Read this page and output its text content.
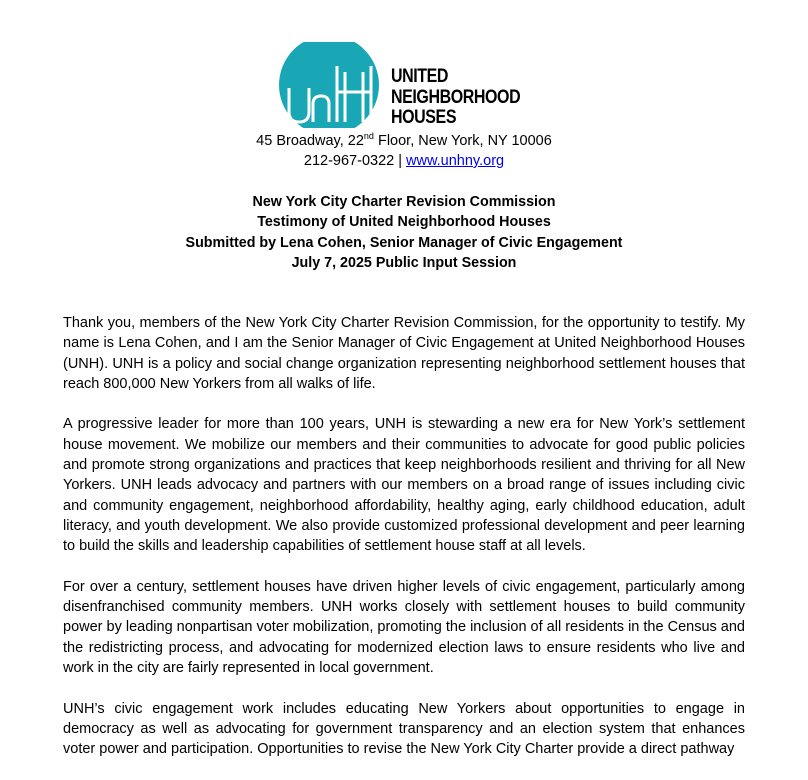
UNITED
NEIGHBORHOOD
HOUSES
45 Broadway, 22nd Floor, New York, NY 10006
212-967-0322 | www.unhny.org
New York City Charter Revision Commission
Testimony of United Neighborhood Houses
Submitted by Lena Cohen, Senior Manager of Civic Engagement
July 7, 2025 Public Input Session

Thank you, members of the New York City Charter Revision Commission, for the opportunity to testify. My name is Lena Cohen, and I am the Senior Manager of Civic Engagement at United Neighborhood Houses (UNH). UNH is a policy and social change organization representing neighborhood settlement houses that reach 800,000 New Yorkers from all walks of life.

A progressive leader for more than 100 years, UNH is stewarding a new era for New York’s settlement house movement. We mobilize our members and their communities to advocate for good public policies and promote strong organizations and practices that keep neighborhoods resilient and thriving for all New Yorkers. UNH leads advocacy and partners with our members on a broad range of issues including civic and community engagement, neighborhood affordability, healthy aging, early childhood education, adult literacy, and youth development. We also provide customized professional development and peer learning to build the skills and leadership capabilities of settlement house staff at all levels.

For over a century, settlement houses have driven higher levels of civic engagement, particularly among disenfranchised community members. UNH works closely with settlement houses to build community power by leading nonpartisan voter mobilization, promoting the inclusion of all residents in the Census and the redistricting process, and advocating for modernized election laws to ensure residents who live and work in the city are fairly represented in local government.

UNH’s civic engagement work includes educating New Yorkers about opportunities to engage in democracy as well as advocating for government transparency and an election system that enhances voter power and participation. Opportunities to revise the New York City Charter provide a direct pathway
